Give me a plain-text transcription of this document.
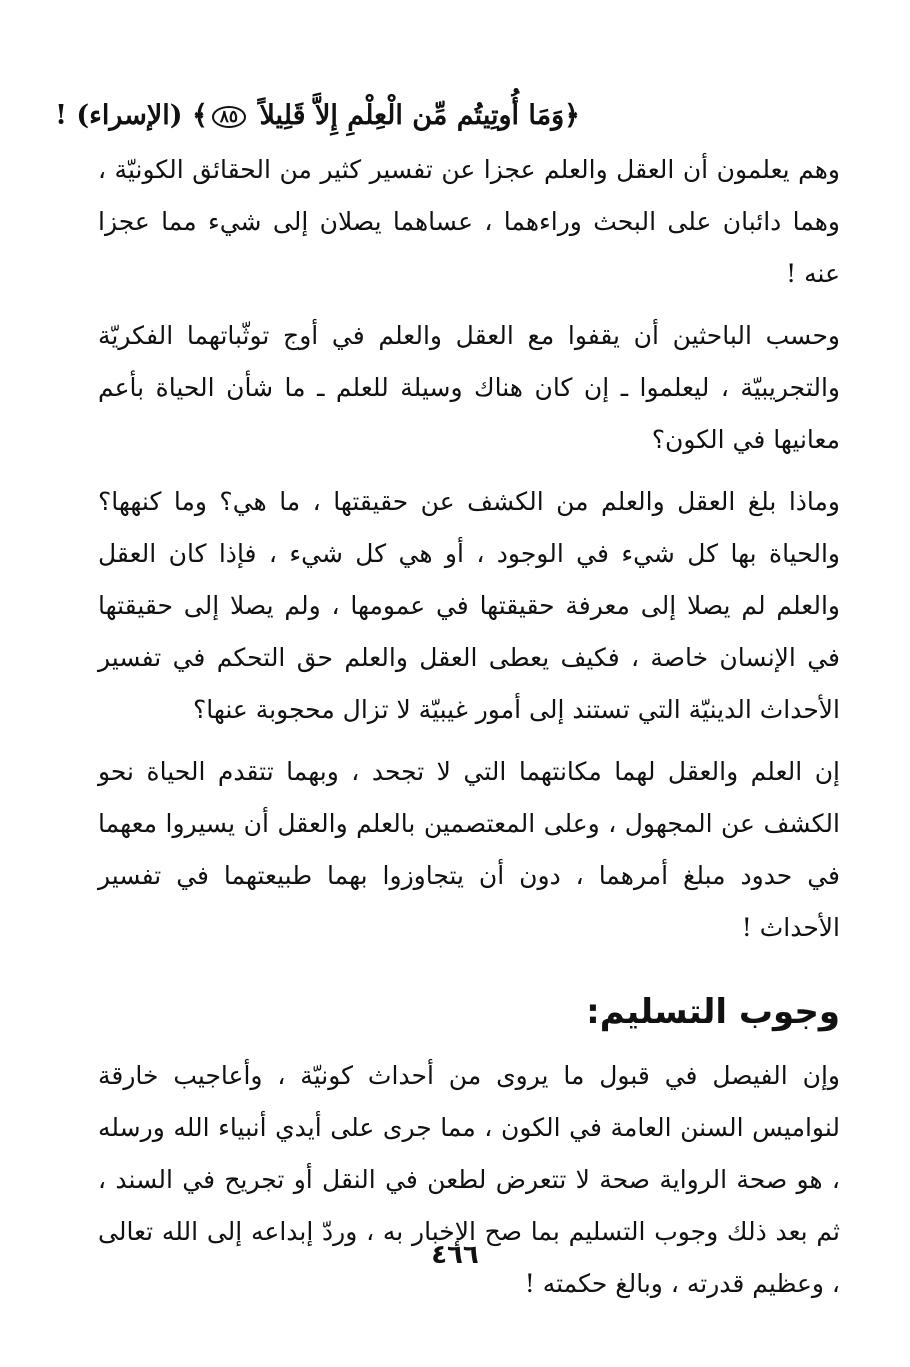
﴿وَمَا أُوتِيتُم مِّن الْعِلْمِ إِلاَّ قَلِيلاً ٨٥﴾ (الإسراء) !

وهم يعلمون أن العقل والعلم عجزا عن تفسير كثير من الحقائق الكونيّة ، وهما دائبان على البحث وراءهما ، عساهما يصلان إلى شيء مما عجزا عنه !

وحسب الباحثين أن يقفوا مع العقل والعلم في أوج توثّباتهما الفكريّة والتجريبيّة ، ليعلموا ـ إن كان هناك وسيلة للعلم ـ ما شأن الحياة بأعم معانيها في الكون؟

وماذا بلغ العقل والعلم من الكشف عن حقيقتها ، ما هي؟ وما كنهها؟ والحياة بها كل شيء في الوجود ، أو هي كل شيء ، فإذا كان العقل والعلم لم يصلا إلى معرفة حقيقتها في عمومها ، ولم يصلا إلى حقيقتها في الإنسان خاصة ، فكيف يعطى العقل والعلم حق التحكم في تفسير الأحداث الدينيّة التي تستند إلى أمور غيبيّة لا تزال محجوبة عنها؟

إن العلم والعقل لهما مكانتهما التي لا تجحد ، وبهما تتقدم الحياة نحو الكشف عن المجهول ، وعلى المعتصمين بالعلم والعقل أن يسيروا معهما في حدود مبلغ أمرهما ، دون أن يتجاوزوا بهما طبيعتهما في تفسير الأحداث !

وجوب التسليم:

وإن الفيصل في قبول ما يروى من أحداث كونيّة ، وأعاجيب خارقة لنواميس السنن العامة في الكون ، مما جرى على أيدي أنبياء الله ورسله ، هو صحة الرواية صحة لا تتعرض لطعن في النقل أو تجريح في السند ، ثم بعد ذلك وجوب التسليم بما صح الإخبار به ، وردّ إبداعه إلى الله تعالى ، وعظيم قدرته ، وبالغ حكمته !

٤٦٦
